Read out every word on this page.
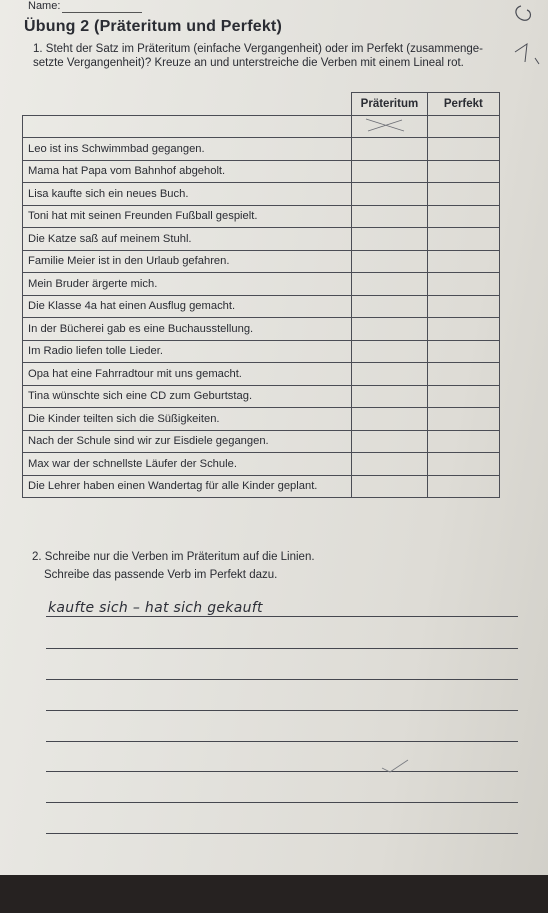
Name:
Übung 2 (Präteritum und Perfekt)
1. Steht der Satz im Präteritum (einfache Vergangenheit) oder im Perfekt (zusammenge-
setzte Vergangenheit)? Kreuze an und unterstreiche die Verben mit einem Lineal rot.
	Präteritum	Perfekt

Leo ist ins Schwimmbad gegangen.		
Mama hat Papa vom Bahnhof abgeholt.		
Lisa kaufte sich ein neues Buch.		
Toni hat mit seinen Freunden Fußball gespielt.		
Die Katze saß auf meinem Stuhl.		
Familie Meier ist in den Urlaub gefahren.		
Mein Bruder ärgerte mich.		
Die Klasse 4a hat einen Ausflug gemacht.		
In der Bücherei gab es eine Buchausstellung.		
Im Radio liefen tolle Lieder.		
Opa hat eine Fahrradtour mit uns gemacht.		
Tina wünschte sich eine CD zum Geburtstag.		
Die Kinder teilten sich die Süßigkeiten.		
Nach der Schule sind wir zur Eisdiele gegangen.		
Max war der schnellste Läufer der Schule.		
Die Lehrer haben einen Wandertag für alle Kinder geplant.		
2. Schreibe nur die Verben im Präteritum auf die Linien.
Schreibe das passende Verb im Perfekt dazu.
kaufte sich – hat sich gekauft
